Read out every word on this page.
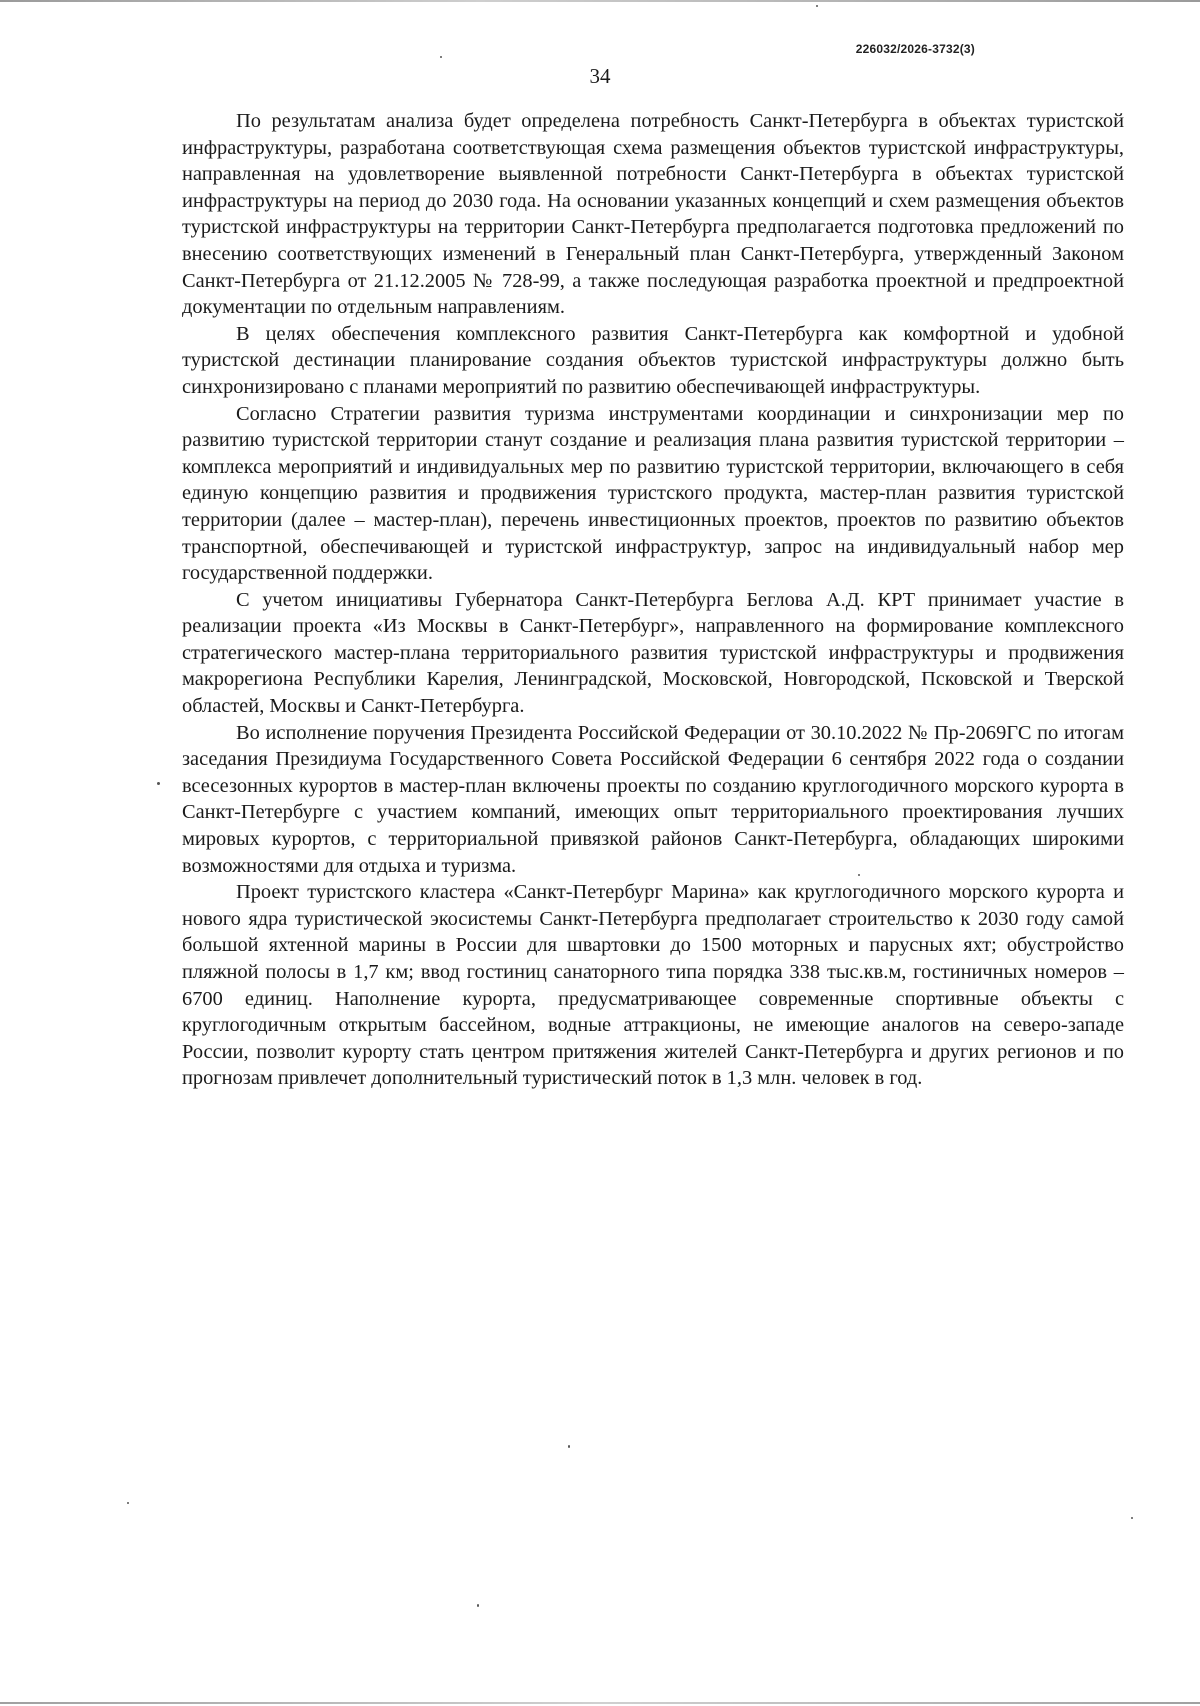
226032/2026-3732(3)
34

По результатам анализа будет определена потребность Санкт-Петербурга в объектах туристской инфраструктуры, разработана соответствующая схема размещения объектов туристской инфраструктуры, направленная на удовлетворение выявленной потребности Санкт-Петербурга в объектах туристской инфраструктуры на период до 2030 года. На основании указанных концепций и схем размещения объектов туристской инфраструктуры на территории Санкт-Петербурга предполагается подготовка предложений по внесению соответствующих изменений в Генеральный план Санкт-Петербурга, утвержденный Законом Санкт-Петербурга от 21.12.2005 № 728-99, а также последующая разработка проектной и предпроектной документации по отдельным направлениям.

В целях обеспечения комплексного развития Санкт-Петербурга как комфортной и удобной туристской дестинации планирование создания объектов туристской инфраструктуры должно быть синхронизировано с планами мероприятий по развитию обеспечивающей инфраструктуры.

Согласно Стратегии развития туризма инструментами координации и синхронизации мер по развитию туристской территории станут создание и реализация плана развития туристской территории – комплекса мероприятий и индивидуальных мер по развитию туристской территории, включающего в себя единую концепцию развития и продвижения туристского продукта, мастер-план развития туристской территории (далее – мастер-план), перечень инвестиционных проектов, проектов по развитию объектов транспортной, обеспечивающей и туристской инфраструктур, запрос на индивидуальный набор мер государственной поддержки.

С учетом инициативы Губернатора Санкт-Петербурга Беглова А.Д. КРТ принимает участие в реализации проекта «Из Москвы в Санкт-Петербург», направленного на формирование комплексного стратегического мастер-плана территориального развития туристской инфраструктуры и продвижения макрорегиона Республики Карелия, Ленинградской, Московской, Новгородской, Псковской и Тверской областей, Москвы и Санкт-Петербурга.

Во исполнение поручения Президента Российской Федерации от 30.10.2022 № Пр-2069ГС по итогам заседания Президиума Государственного Совета Российской Федерации 6 сентября 2022 года о создании всесезонных курортов в мастер-план включены проекты по созданию круглогодичного морского курорта в Санкт-Петербурге с участием компаний, имеющих опыт территориального проектирования лучших мировых курортов, с территориальной привязкой районов Санкт-Петербурга, обладающих широкими возможностями для отдыха и туризма.

Проект туристского кластера «Санкт-Петербург Марина» как круглогодичного морского курорта и нового ядра туристической экосистемы Санкт-Петербурга предполагает строительство к 2030 году самой большой яхтенной марины в России для швартовки до 1500 моторных и парусных яхт; обустройство пляжной полосы в 1,7 км; ввод гостиниц санаторного типа порядка 338 тыс.кв.м, гостиничных номеров – 6700 единиц. Наполнение курорта, предусматривающее современные спортивные объекты с круглогодичным открытым бассейном, водные аттракционы, не имеющие аналогов на северо-западе России, позволит курорту стать центром притяжения жителей Санкт-Петербурга и других регионов и по прогнозам привлечет дополнительный туристический поток в 1,3 млн. человек в год.
